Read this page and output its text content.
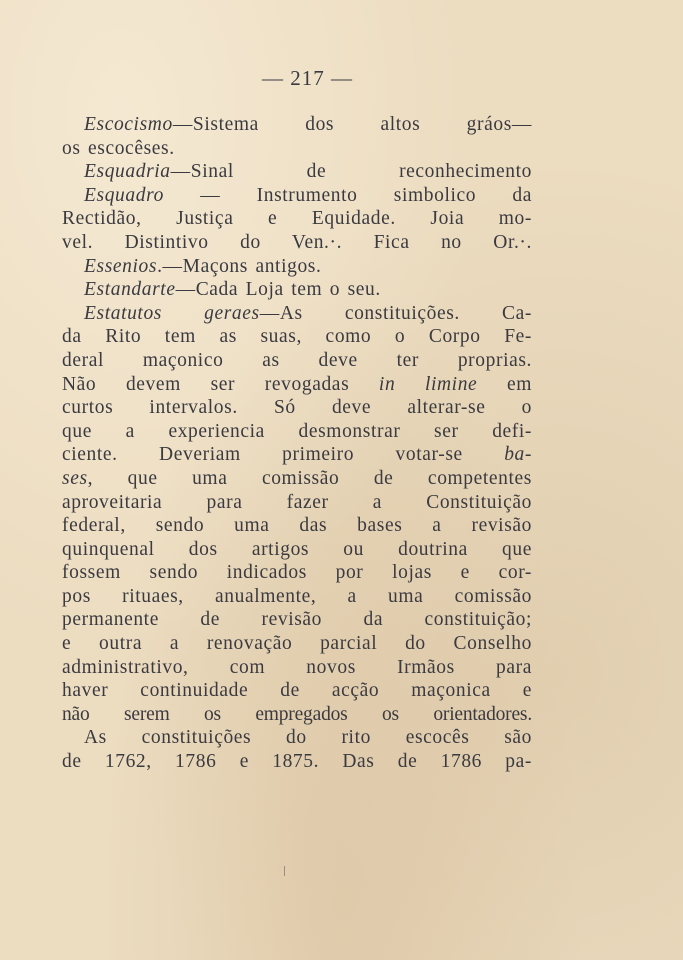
— 217 —
Escocismo—Sistema dos altos gráos—
os escocêses.
Esquadria—Sinal de reconhecimento
Esquadro — Instrumento simbolico da
Rectidão, Justiça e Equidade. Joia mo-
vel. Distintivo do Ven.·. Fica no Or.·.
Essenios.—Maçons antigos.
Estandarte—Cada Loja tem o seu.
Estatutos geraes—As constituições. Ca-
da Rito tem as suas, como o Corpo Fe-
deral maçonico as deve ter proprias.
Não devem ser revogadas in limine em
curtos intervalos. Só deve alterar-se o
que a experiencia desmonstrar ser defi-
ciente. Deveriam primeiro votar-se ba-
ses, que uma comissão de competentes
aproveitaria para fazer a Constituição
federal, sendo uma das bases a revisão
quinquenal dos artigos ou doutrina que
fossem sendo indicados por lojas e cor-
pos rituaes, anualmente, a uma comissão
permanente de revisão da constituição;
e outra a renovação parcial do Conselho
administrativo, com novos Irmãos para
haver continuidade de acção maçonica e
não serem os empregados os orientadores.
As constituições do rito escocês são
de 1762, 1786 e 1875. Das de 1786 pa-
